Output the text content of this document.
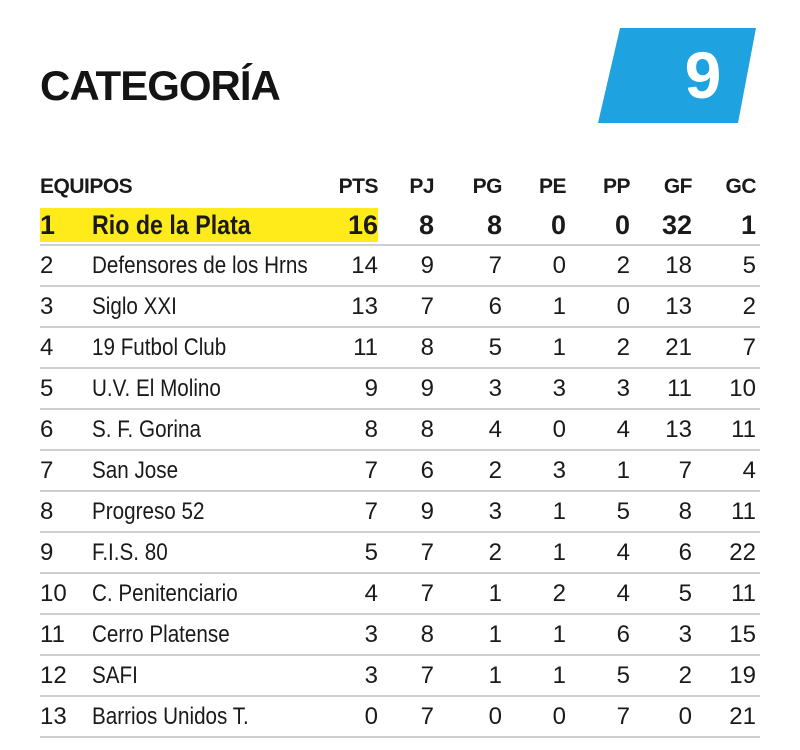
CATEGORÍA	9
EQUIPOS	PTS	PJ	PG	PE	PP	GF	GC
1	Rio de la Plata	16	8	8	0	0	32	1
2	Defensores de los Hrns	14	9	7	0	2	18	5
3	Siglo XXI	13	7	6	1	0	13	2
4	19 Futbol Club	11	8	5	1	2	21	7
5	U.V. El Molino	9	9	3	3	3	11	10
6	S. F. Gorina	8	8	4	0	4	13	11
7	San Jose	7	6	2	3	1	7	4
8	Progreso 52	7	9	3	1	5	8	11
9	F.I.S. 80	5	7	2	1	4	6	22
10	C. Penitenciario	4	7	1	2	4	5	11
11	Cerro Platense	3	8	1	1	6	3	15
12	SAFI	3	7	1	1	5	2	19
13	Barrios Unidos T.	0	7	0	0	7	0	21
